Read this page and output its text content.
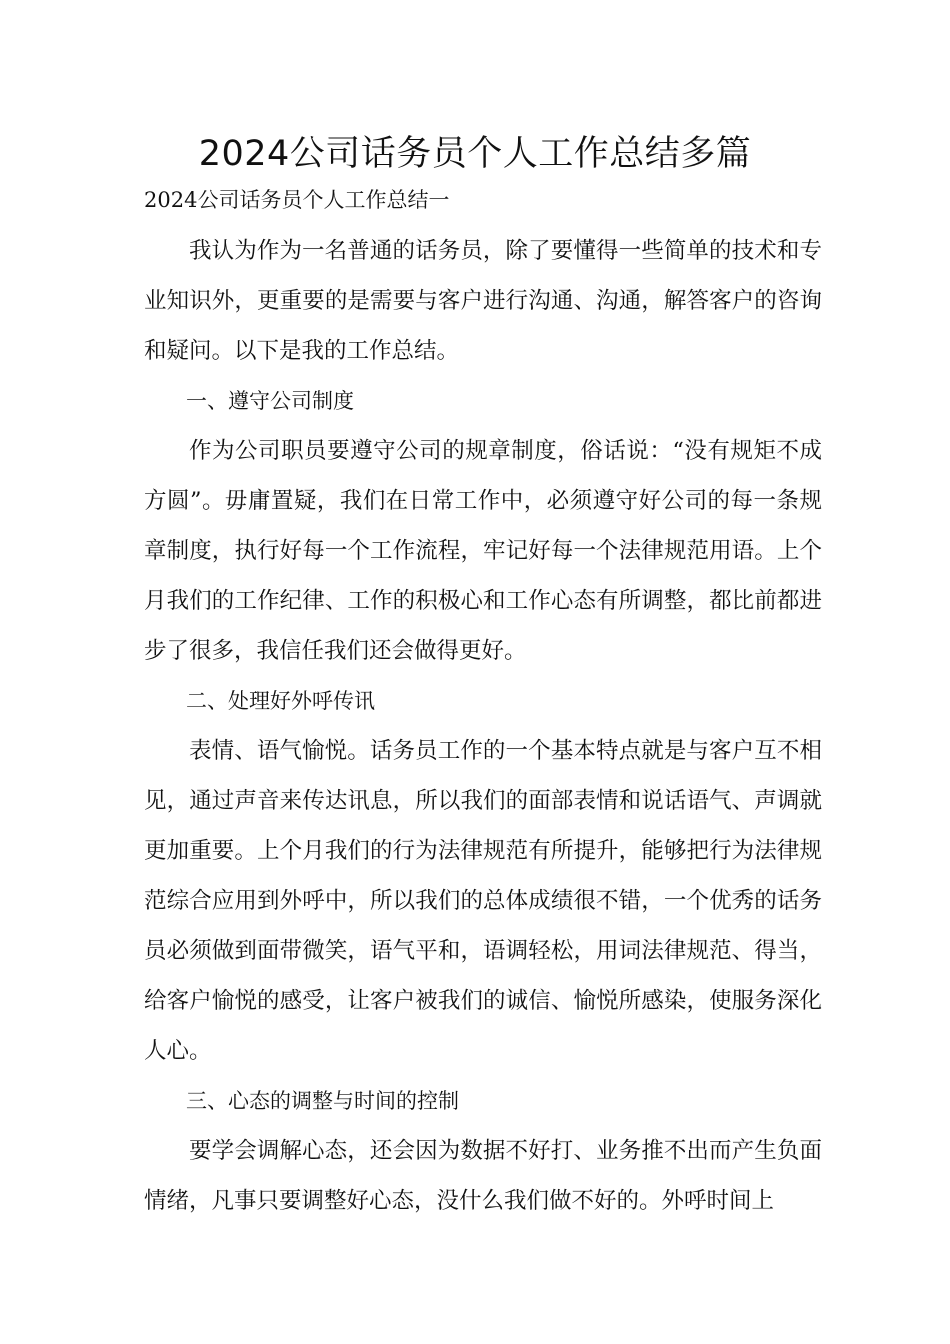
2024公司话务员个人工作总结多篇
2024公司话务员个人工作总结一

我认为作为一名普通的话务员，除了要懂得一些简单的技术和专业知识外，更重要的是需要与客户进行沟通、沟通，解答客户的咨询和疑问。以下是我的工作总结。

一、遵守公司制度

作为公司职员要遵守公司的规章制度，俗话说：“没有规矩不成方圆”。毋庸置疑，我们在日常工作中，必须遵守好公司的每一条规章制度，执行好每一个工作流程，牢记好每一个法律规范用语。上个月我们的工作纪律、工作的积极心和工作心态有所调整，都比前都进步了很多，我信任我们还会做得更好。

二、处理好外呼传讯

表情、语气愉悦。话务员工作的一个基本特点就是与客户互不相见，通过声音来传达讯息，所以我们的面部表情和说话语气、声调就更加重要。上个月我们的行为法律规范有所提升，能够把行为法律规范综合应用到外呼中，所以我们的总体成绩很不错，一个优秀的话务员必须做到面带微笑，语气平和，语调轻松，用词法律规范、得当，给客户愉悦的感受，让客户被我们的诚信、愉悦所感染，使服务深化人心。

三、心态的调整与时间的控制

要学会调解心态，还会因为数据不好打、业务推不出而产生负面情绪，凡事只要调整好心态，没什么我们做不好的。外呼时间上
